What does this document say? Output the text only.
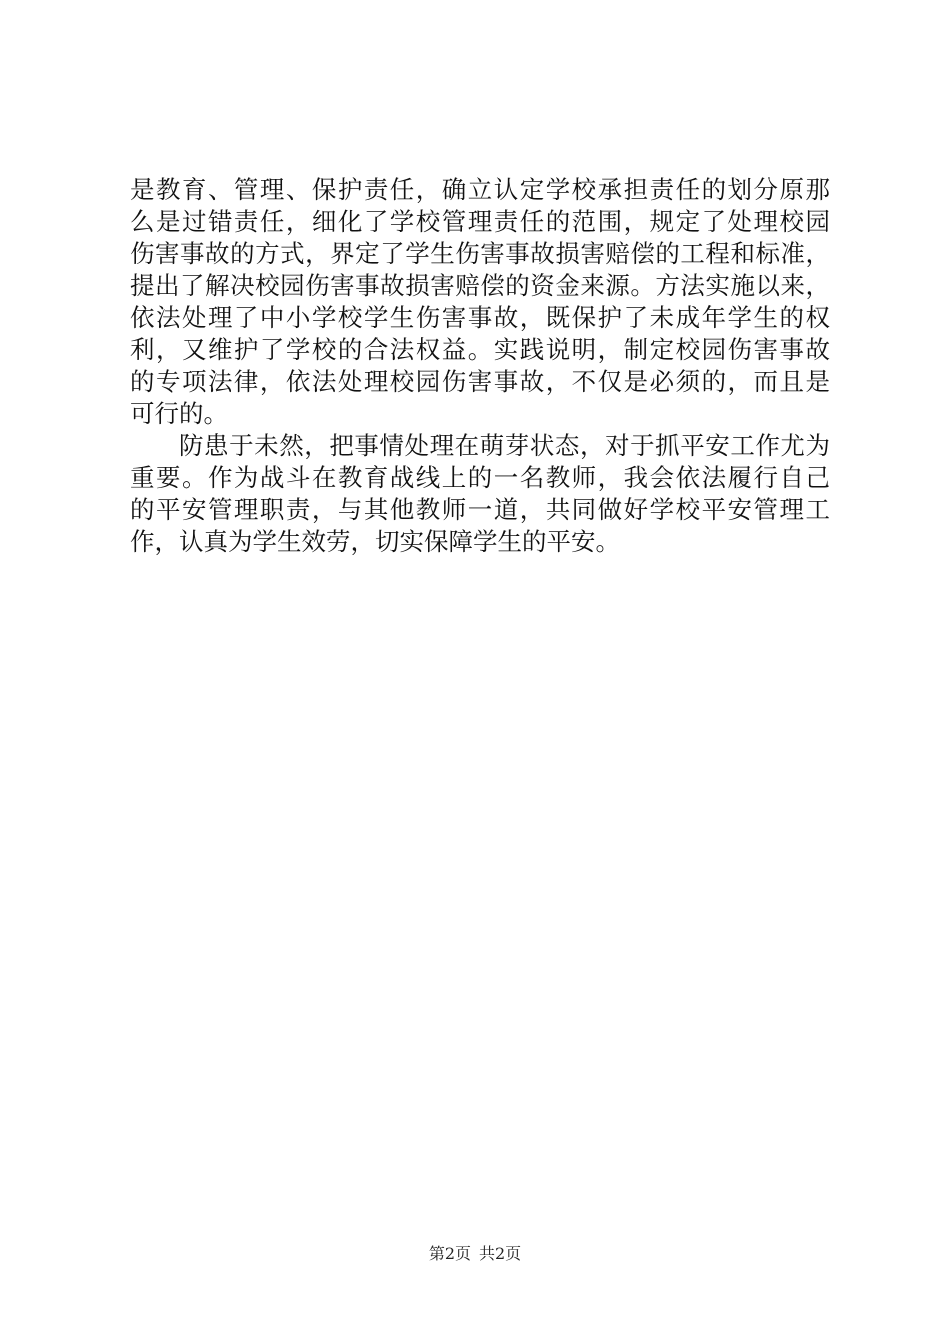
是教育、管理、保护责任，确立认定学校承担责任的划分原那
么是过错责任，细化了学校管理责任的范围，规定了处理校园
伤害事故的方式，界定了学生伤害事故损害赔偿的工程和标准，
提出了解决校园伤害事故损害赔偿的资金来源。方法实施以来，
依法处理了中小学校学生伤害事故，既保护了未成年学生的权
利，又维护了学校的合法权益。实践说明，制定校园伤害事故
的专项法律，依法处理校园伤害事故，不仅是必须的，而且是
可行的。
防患于未然，把事情处理在萌芽状态，对于抓平安工作尤为
重要。作为战斗在教育战线上的一名教师，我会依法履行自己
的平安管理职责，与其他教师一道，共同做好学校平安管理工
作，认真为学生效劳，切实保障学生的平安。
第2页 共2页
